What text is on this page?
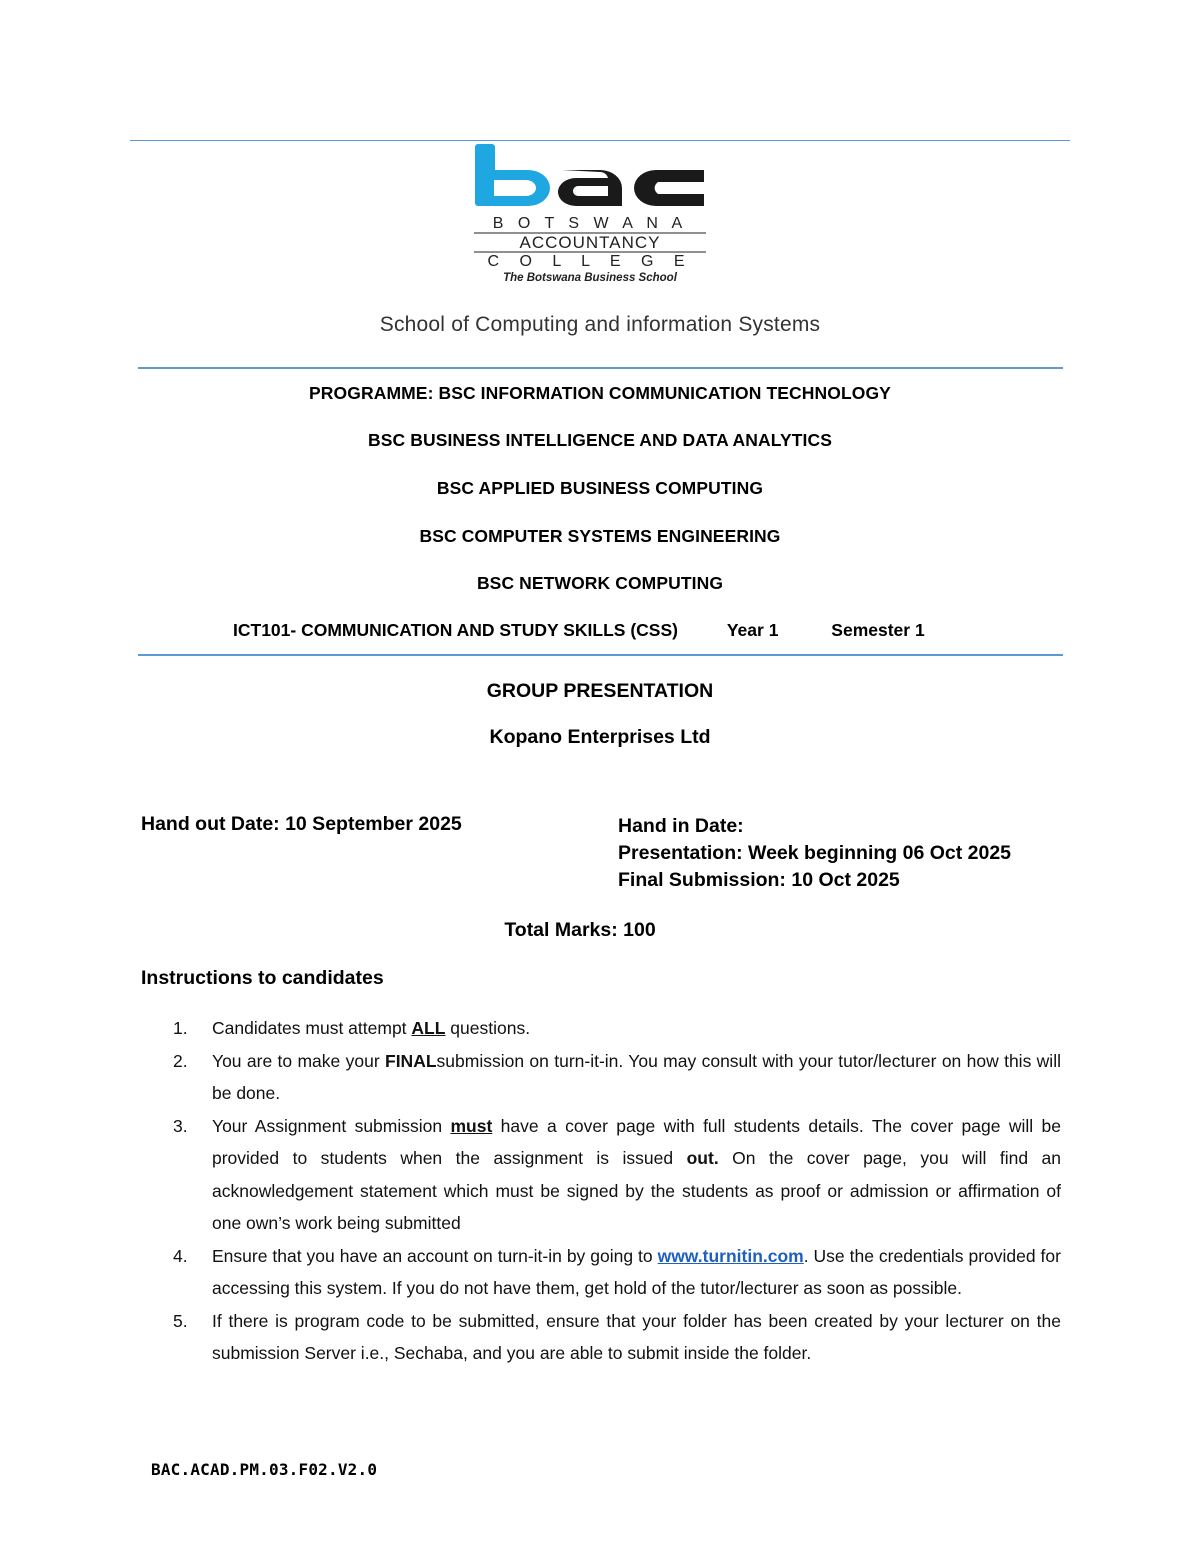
B O T S W A N A
ACCOUNTANCY
C O L L E G E
The Botswana Business School
School of Computing and information Systems
PROGRAMME: BSC INFORMATION COMMUNICATION TECHNOLOGY
BSC BUSINESS INTELLIGENCE AND DATA ANALYTICS
BSC APPLIED BUSINESS COMPUTING
BSC COMPUTER SYSTEMS ENGINEERING
BSC NETWORK COMPUTING
ICT101- COMMUNICATION AND STUDY SKILLS (CSS)	Year 1	Semester 1
GROUP PRESENTATION
Kopano Enterprises Ltd
Hand out Date: 10 September 2025	Hand in Date:
Presentation: Week beginning 06 Oct 2025
Final Submission: 10 Oct 2025
Total Marks: 100
Instructions to candidates
1. Candidates must attempt ALL questions.
2. You are to make your FINALsubmission on turn-it-in. You may consult with your tutor/lecturer on how this will be done.
3. Your Assignment submission must have a cover page with full students details. The cover page will be provided to students when the assignment is issued out. On the cover page, you will find an acknowledgement statement which must be signed by the students as proof or admission or affirmation of one own’s work being submitted
4. Ensure that you have an account on turn-it-in by going to www.turnitin.com. Use the credentials provided for accessing this system. If you do not have them, get hold of the tutor/lecturer as soon as possible.
5. If there is program code to be submitted, ensure that your folder has been created by your lecturer on the submission Server i.e., Sechaba, and you are able to submit inside the folder.
BAC.ACAD.PM.03.F02.V2.0
